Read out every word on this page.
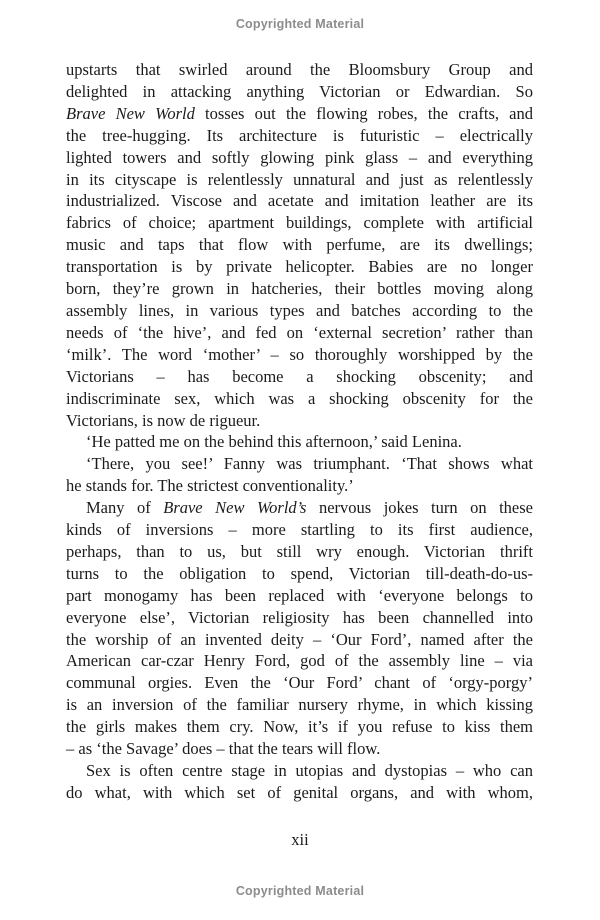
Copyrighted Material
upstarts that swirled around the Bloomsbury Group and
delighted in attacking anything Victorian or Edwardian. So
Brave New World tosses out the flowing robes, the crafts, and
the tree-hugging. Its architecture is futuristic – electrically
lighted towers and softly glowing pink glass – and everything
in its cityscape is relentlessly unnatural and just as relentlessly
industrialized. Viscose and acetate and imitation leather are its
fabrics of choice; apartment buildings, complete with artificial
music and taps that flow with perfume, are its dwellings;
transportation is by private helicopter. Babies are no longer
born, they’re grown in hatcheries, their bottles moving along
assembly lines, in various types and batches according to the
needs of ‘the hive’, and fed on ‘external secretion’ rather than
‘milk’. The word ‘mother’ – so thoroughly worshipped by the
Victorians – has become a shocking obscenity; and
indiscriminate sex, which was a shocking obscenity for the
Victorians, is now de rigueur.
‘He patted me on the behind this afternoon,’ said Lenina.
‘There, you see!’ Fanny was triumphant. ‘That shows what
he stands for. The strictest conventionality.’
Many of Brave New World’s nervous jokes turn on these
kinds of inversions – more startling to its first audience,
perhaps, than to us, but still wry enough. Victorian thrift
turns to the obligation to spend, Victorian till-death-do-us-
part monogamy has been replaced with ‘everyone belongs to
everyone else’, Victorian religiosity has been channelled into
the worship of an invented deity – ‘Our Ford’, named after the
American car-czar Henry Ford, god of the assembly line – via
communal orgies. Even the ‘Our Ford’ chant of ‘orgy-porgy’
is an inversion of the familiar nursery rhyme, in which kissing
the girls makes them cry. Now, it’s if you refuse to kiss them
– as ‘the Savage’ does – that the tears will flow.
Sex is often centre stage in utopias and dystopias – who can
do what, with which set of genital organs, and with whom,
xii
Copyrighted Material
